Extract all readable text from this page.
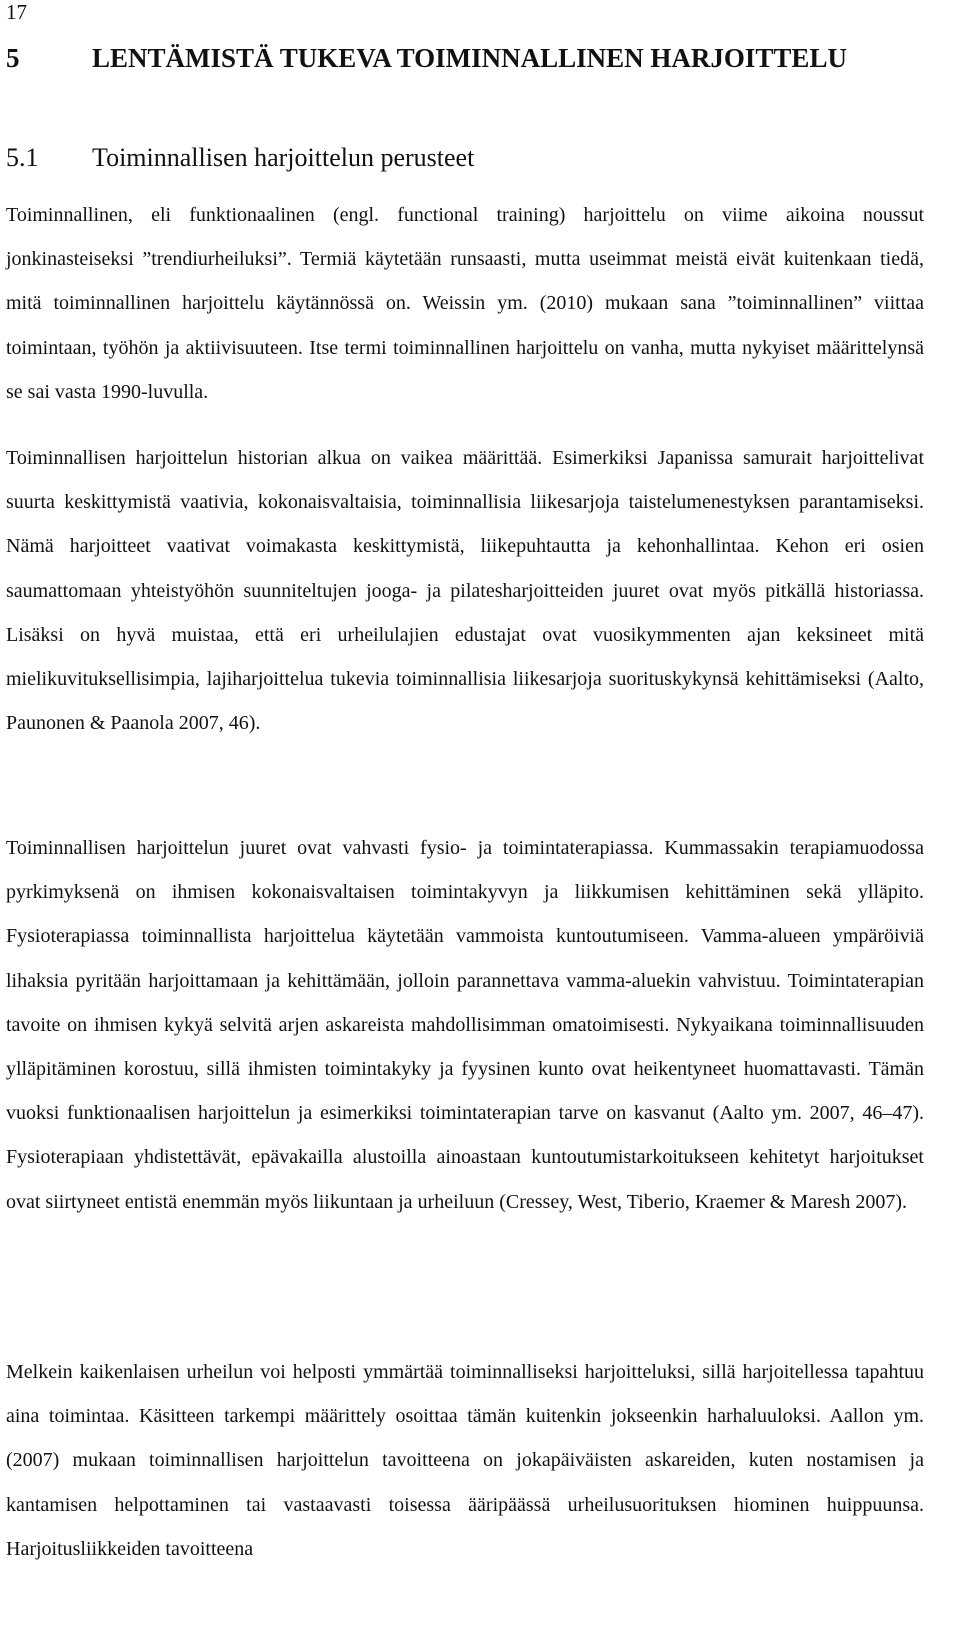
17
5	LENTÄMISTÄ TUKEVA TOIMINNALLINEN HARJOITTELU
5.1 Toiminnallisen harjoittelun perusteet

Toiminnallinen, eli funktionaalinen (engl. functional training) harjoittelu on viime aikoina noussut jonkinasteiseksi ”trendiurheiluksi”. Termiä käytetään runsaasti, mutta useimmat meistä eivät kuitenkaan tiedä, mitä toiminnallinen harjoittelu käytännössä on. Weissin ym. (2010) mukaan sana ”toiminnallinen” viittaa toimintaan, työhön ja aktiivisuuteen. Itse termi toiminnallinen harjoittelu on vanha, mutta nykyiset määrittelynsä se sai vasta 1990-luvulla.

Toiminnallisen harjoittelun historian alkua on vaikea määrittää. Esimerkiksi Japanissa samurait harjoittelivat suurta keskittymistä vaativia, kokonaisvaltaisia, toiminnallisia liikesarjoja taistelumenestyksen parantamiseksi. Nämä harjoitteet vaativat voimakasta keskittymistä, liikepuhtautta ja kehonhallintaa. Kehon eri osien saumattomaan yhteistyöhön suunniteltujen jooga- ja pilatesharjoitteiden juuret ovat myös pitkällä historiassa. Lisäksi on hyvä muistaa, että eri urheilulajien edustajat ovat vuosikymmenten ajan keksineet mitä mielikuvituksellisimpia, lajiharjoittelua tukevia toiminnallisia liikesarjoja suorituskykynsä kehittämiseksi (Aalto, Paunonen & Paanola 2007, 46).

Toiminnallisen harjoittelun juuret ovat vahvasti fysio- ja toimintaterapiassa. Kummassakin terapiamuodossa pyrkimyksenä on ihmisen kokonaisvaltaisen toimintakyvyn ja liikkumisen kehittäminen sekä ylläpito. Fysioterapiassa toiminnallista harjoittelua käytetään vammoista kuntoutumiseen. Vamma-alueen ympäröiviä lihaksia pyritään harjoittamaan ja kehittämään, jolloin parannettava vamma-aluekin vahvistuu. Toimintaterapian tavoite on ihmisen kykyä selvitä arjen askareista mahdollisimman omatoimisesti. Nykyaikana toiminnallisuuden ylläpitäminen korostuu, sillä ihmisten toimintakyky ja fyysinen kunto ovat heikentyneet huomattavasti. Tämän vuoksi funktionaalisen harjoittelun ja esimerkiksi toimintaterapian tarve on kasvanut (Aalto ym. 2007, 46–47). Fysioterapiaan yhdistettävät, epävakailla alustoilla ainoastaan kuntoutumistarkoitukseen kehitetyt harjoitukset ovat siirtyneet entistä enemmän myös liikuntaan ja urheiluun (Cressey, West, Tiberio, Kraemer & Maresh 2007).

Melkein kaikenlaisen urheilun voi helposti ymmärtää toiminnalliseksi harjoitteluksi, sillä harjoitellessa tapahtuu aina toimintaa. Käsitteen tarkempi määrittely osoittaa tämän kuitenkin jokseenkin harhaluuloksi. Aallon ym. (2007) mukaan toiminnallisen harjoittelun tavoitteena on jokapäiväisten askareiden, kuten nostamisen ja kantamisen helpottaminen tai vastaavasti toisessa ääripäässä urheilusuorituksen hiominen huippuunsa. Harjoitusliikkeiden tavoitteena
